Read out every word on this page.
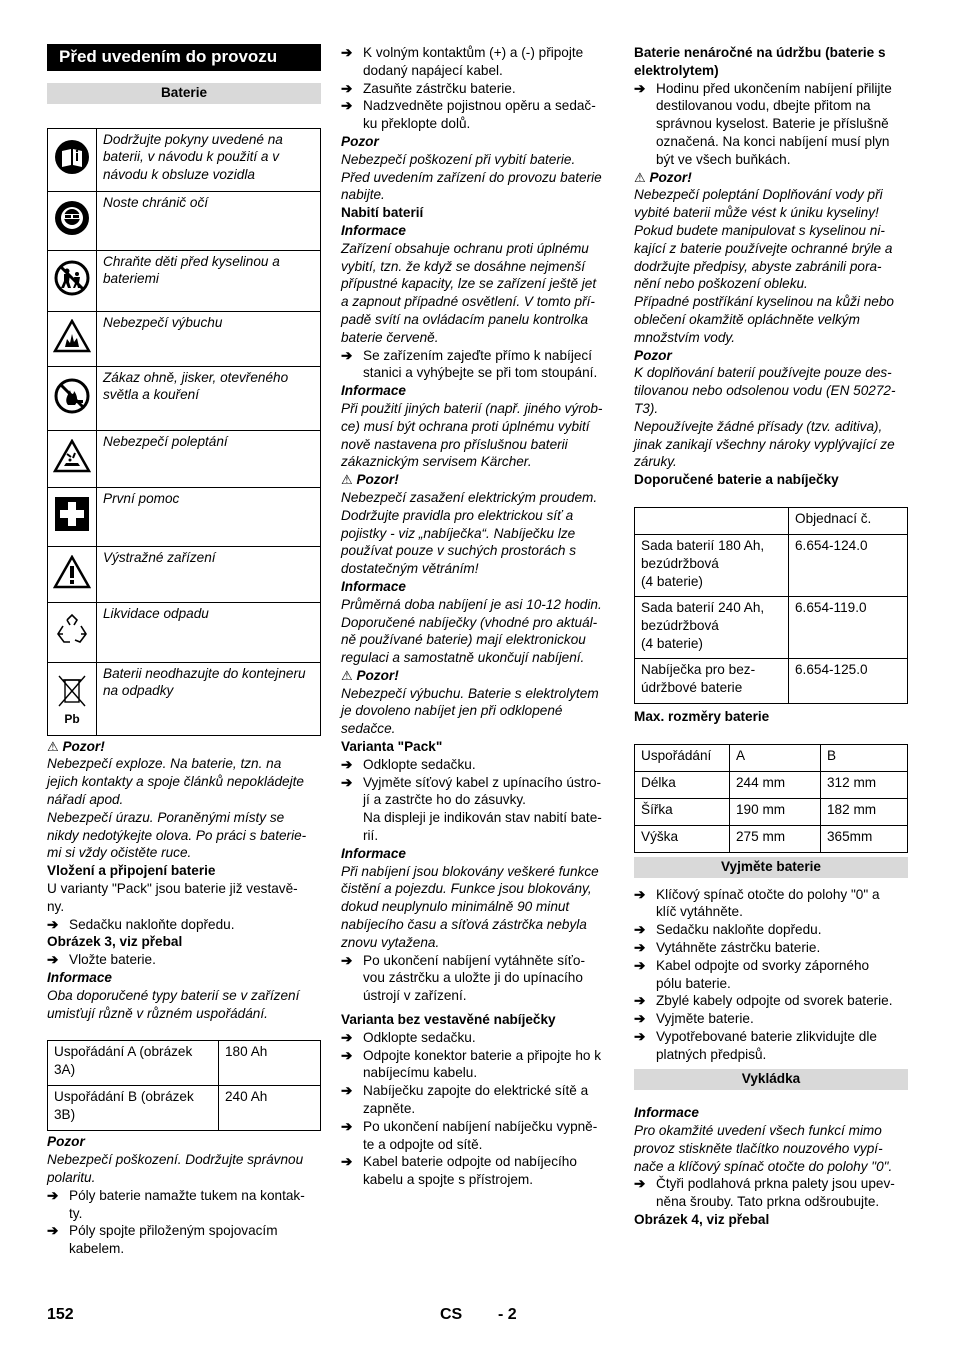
Před uvedením do provozu
Baterie
	Dodržujte pokyny uvedené na baterii, v návodu k použití a v návodu k obsluze vozidla
	Noste chránič očí
	Chraňte děti před kyselinou a bateriemi
	Nebezpečí výbuchu
	Zákaz ohně, jisker, otevřeného světla a kouření
	Nebezpečí poleptání
	První pomoc
	Výstražné zařízení
	Likvidace odpadu

Pb	Baterii neodhazujte do kontejneru na odpadky

⚠ Pozor!

Nebezpečí exploze. Na baterie, tzn. na
jejich kontakty a spoje článků nepokládejte
nářadí apod.
Nebezpečí úrazu. Poraněnými místy se
nikdy nedotýkejte olova. Po práci s baterie-
mi si vždy očistěte ruce.

Vložení a připojení baterie

U varianty "Pack" jsou baterie již vestavě-
ny.

➔ Sedačku nakloňte dopředu.

Obrázek 3, viz přebal

➔ Vložte baterie.

Informace

Oba doporučené typy baterií se v zařízení
umisťují různě v různém uspořádání.

Uspořádání A (obrázek 3A)	180 Ah
Uspořádání B (obrázek 3B)	240 Ah

Pozor

Nebezpečí poškození. Dodržujte správnou
polaritu.

➔ Póly baterie namažte tukem na kontak-
ty.
➔ Póly spojte přiloženým spojovacím
kabelem.
➔ K volným kontaktům (+) a (-) připojte
dodaný napájecí kabel.
➔ Zasuňte zástrčku baterie.
➔ Nadzvedněte pojistnou opěru a sedač-
ku překlopte dolů.

Pozor

Nebezpečí poškození při vybití baterie.
Před uvedením zařízení do provozu baterie
nabijte.

Nabití baterií

Informace

Zařízení obsahuje ochranu proti úplnému
vybití, tzn. že když se dosáhne nejmenší
přípustné kapacity, lze se zařízení ještě jet
a zapnout případné osvětlení. V tomto pří-
padě svítí na ovládacím panelu kontrolka
baterie červeně.

➔ Se zařízením zajeďte přímo k nabíjecí
stanici a vyhýbejte se při tom stoupání.

Informace

Při použití jiných baterií (např. jiného výrob-
ce) musí být ochrana proti úplnému vybití
nově nastavena pro příslušnou baterii
zákaznickým servisem Kärcher.

⚠ Pozor!

Nebezpečí zasažení elektrickým proudem.
Dodržujte pravidla pro elektrickou síť a
pojistky - viz „nabíječka“. Nabíječku lze
používat pouze v suchých prostorách s
dostatečným větráním!

Informace

Průměrná doba nabíjení je asi 10-12 hodin.
Doporučené nabíječky (vhodné pro aktuál-
ně používané baterie) mají elektronickou
regulaci a samostatně ukončují nabíjení.

⚠ Pozor!

Nebezpečí výbuchu. Baterie s elektrolytem
je dovoleno nabíjet jen při odklopené
sedačce.

Varianta "Pack"

➔ Odklopte sedačku.
➔ Vyjměte síťový kabel z upínacího ústro-
jí a zastrčte ho do zásuvky.

Na displeji je indikován stav nabití bate-
rií.

Informace

Při nabíjení jsou blokovány veškeré funkce
čistění a pojezdu. Funkce jsou blokovány,
dokud neuplynulo minimálně 90 minut
nabíjecího času a síťová zástrčka nebyla
znovu vytažena.

➔ Po ukončení nabíjení vytáhněte síťo-
vou zástrčku a uložte ji do upínacího
ústrojí v zařízení.

Varianta bez vestavěné nabíječky

➔ Odklopte sedačku.
➔ Odpojte konektor baterie a připojte ho k
nabíjecímu kabelu.
➔ Nabíječku zapojte do elektrické sítě a
zapněte.
➔ Po ukončení nabíjení nabíječku vypně-
te a odpojte od sítě.
➔ Kabel baterie odpojte od nabíjecího
kabelu a spojte s přístrojem.

Baterie nenáročné na údržbu (baterie s
elektrolytem)

➔ Hodinu před ukončením nabíjení přilijte
destilovanou vodu, dbejte přitom na
správnou kyselost. Baterie je příslušně
označená. Na konci nabíjení musí plyn
být ve všech buňkách.

⚠ Pozor!

Nebezpečí poleptání Doplňování vody při
vybité baterii může vést k úniku kyseliny!
Pokud budete manipulovat s kyselinou ni-
kající z baterie používejte ochranné brýle a
dodržujte předpisy, abyste zabránili pora-
nění nebo poškození obleku.
Případné postříkání kyselinou na kůži nebo
oblečení okamžitě opláchněte velkým
množstvím vody.

Pozor

K doplňování baterií používejte pouze des-
tilovanou nebo odsolenou vodu (EN 50272-
T3).
Nepoužívejte žádné přísady (tzv. aditiva),
jinak zanikají všechny nároky vyplývající ze
záruky.

Doporučené baterie a nabíječky

	Objednací č.
Sada baterií 180 Ah,
bezúdržbová
(4 baterie)	6.654-124.0
Sada baterií 240 Ah,
bezúdržbová
(4 baterie)	6.654-119.0
Nabíječka pro bez-
údržbové baterie	6.654-125.0

Max. rozměry baterie

Uspořádání	A	B
Délka	244 mm	312 mm
Šířka	190 mm	182 mm
Výška	275 mm	365mm
Vyjměte baterie
➔ Klíčový spínač otočte do polohy "0" a
klíč vytáhněte.
➔ Sedačku nakloňte dopředu.
➔ Vytáhněte zástrčku baterie.
➔ Kabel odpojte od svorky záporného
pólu baterie.
➔ Zbylé kabely odpojte od svorek baterie.
➔ Vyjměte baterie.
➔ Vypotřebované baterie zlikvidujte dle
platných předpisů.
Vykládka

Informace

Pro okamžité uvedení všech funkcí mimo
provoz stiskněte tlačítko nouzového vypí-
nače a klíčový spínač otočte do polohy "0".

➔ Čtyři podlahová prkna palety jsou upev-
něna šrouby. Tato prkna odšroubujte.

Obrázek 4, viz přebal

152	CS - 2
